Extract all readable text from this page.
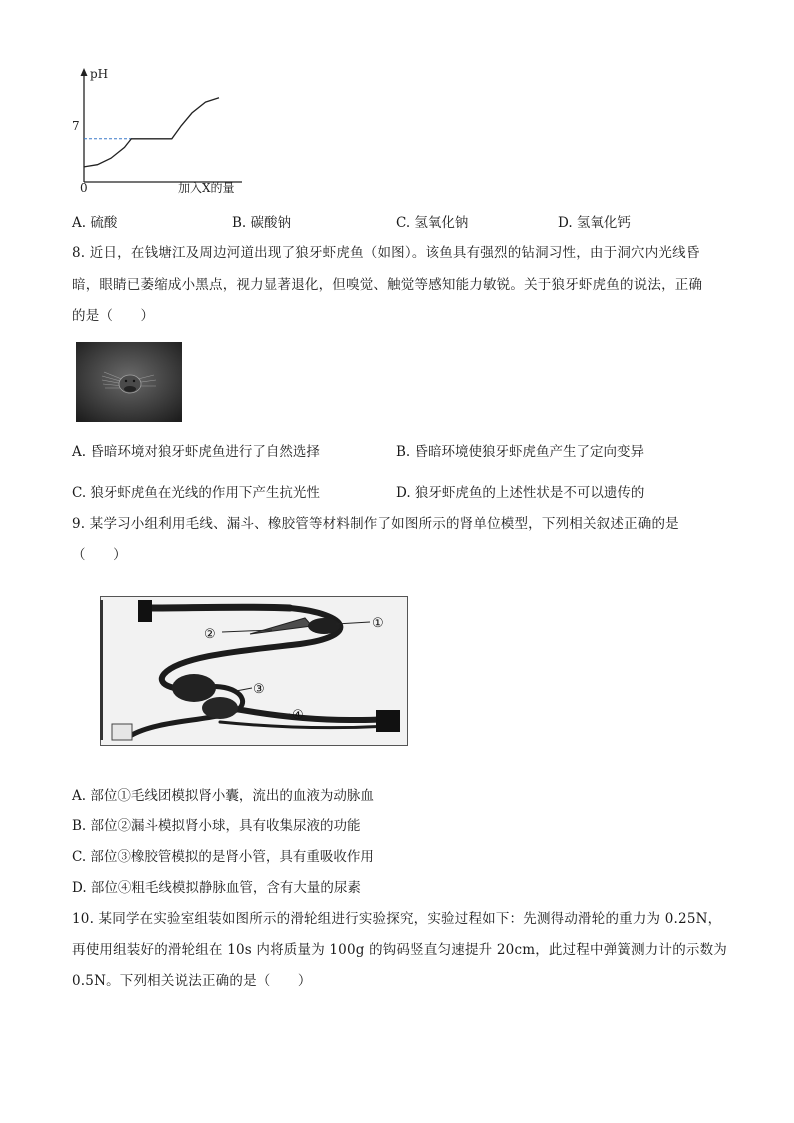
pH
7
0	加入X的量
A. 硫酸	B. 碳酸钠	C. 氢氧化钠	D. 氢氧化钙
8. 近日，在钱塘江及周边河道出现了狼牙虾虎鱼（如图）。该鱼具有强烈的钻洞习性，由于洞穴内光线昏
暗，眼睛已萎缩成小黑点，视力显著退化，但嗅觉、触觉等感知能力敏锐。关于狼牙虾虎鱼的说法，正确
的是（　　）
A. 昏暗环境对狼牙虾虎鱼进行了自然选择	B. 昏暗环境使狼牙虾虎鱼产生了定向变异
C. 狼牙虾虎鱼在光线的作用下产生抗光性	D. 狼牙虾虎鱼的上述性状是不可以遗传的
9. 某学习小组利用毛线、漏斗、橡胶管等材料制作了如图所示的肾单位模型，下列相关叙述正确的是
（　　）
②
①
③
④
A. 部位①毛线团模拟肾小囊，流出的血液为动脉血
B. 部位②漏斗模拟肾小球，具有收集尿液的功能
C. 部位③橡胶管模拟的是肾小管，具有重吸收作用
D. 部位④粗毛线模拟静脉血管，含有大量的尿素
10. 某同学在实验室组装如图所示的滑轮组进行实验探究，实验过程如下：先测得动滑轮的重力为 0.25N，
再使用组装好的滑轮组在 10s 内将质量为 100g 的钩码竖直匀速提升 20cm，此过程中弹簧测力计的示数为
0.5N。下列相关说法正确的是（　　）
